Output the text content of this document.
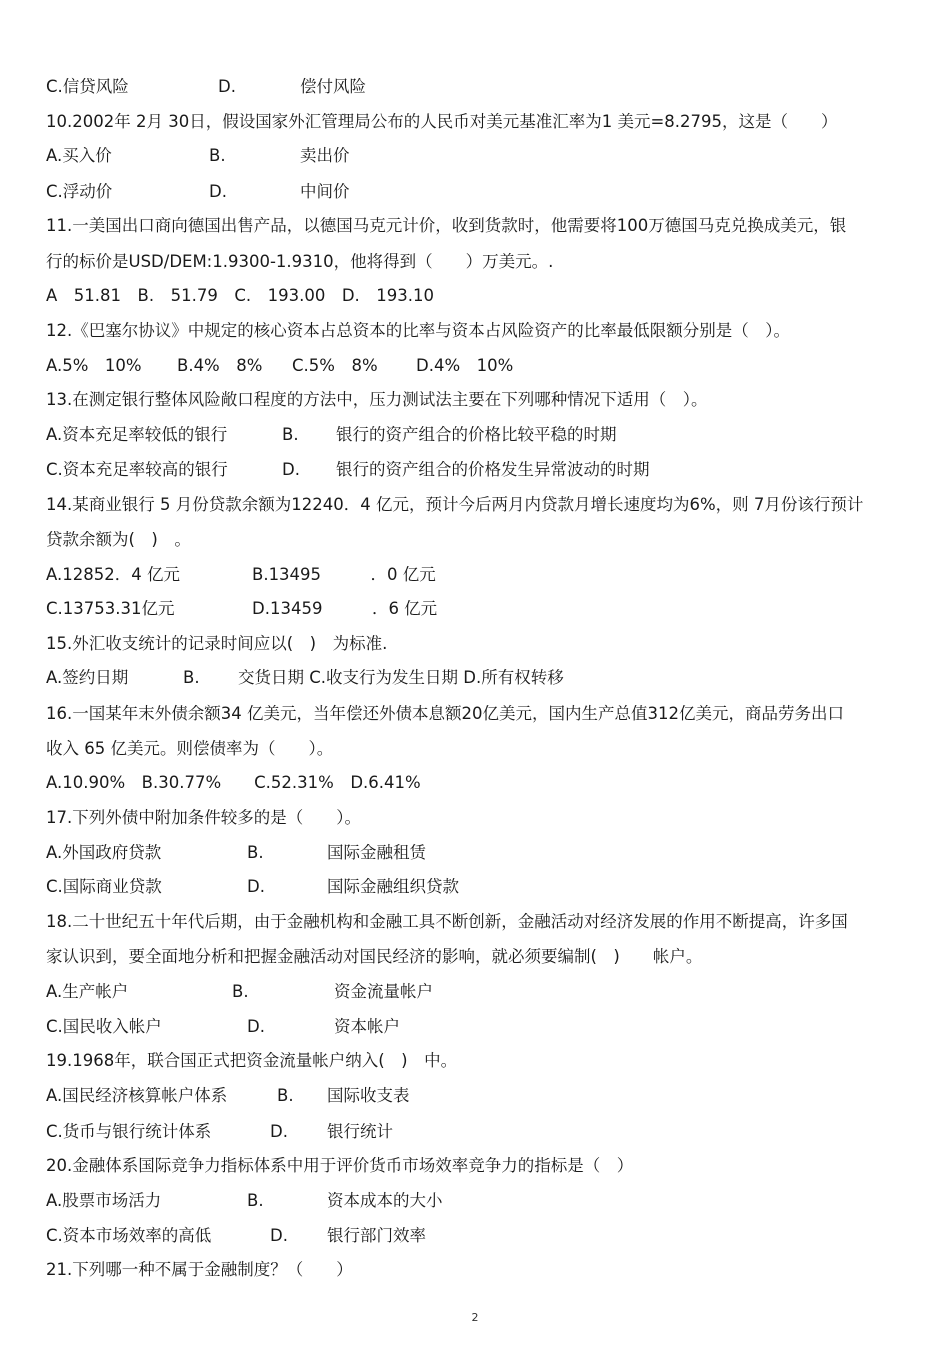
C.信贷风险	D.	偿付风险
10.2002年 2月 30日，假设国家外汇管理局公布的人民币对美元基准汇率为1 美元=8.2795，这是（　　）
A.买入价	B.	卖出价
C.浮动价	D.	中间价
11.一美国出口商向德国出售产品，以德国马克元计价，收到货款时，他需要将100万德国马克兑换成美元，银
行的标价是USD/DEM:1.9300-1.9310，他将得到（　　）万美元。.
A　51.81　B.　51.79　C.　193.00　D.　193.10
12.《巴塞尔协议》中规定的核心资本占总资本的比率与资本占风险资产的比率最低限额分别是（　）。
A.5%　10% B.4%　8% C.5%　8% D.4%　10%
13.在测定银行整体风险敞口程度的方法中，压力测试法主要在下列哪种情况下适用（　）。
A.资本充足率较低的银行	B. 银行的资产组合的价格比较平稳的时期
C.资本充足率较高的银行	D. 银行的资产组合的价格发生异常波动的时期
14.某商业银行 5 月份贷款余额为12240．4 亿元，预计今后两月内贷款月增长速度均为6%，则 7月份该行预计
贷款余额为(　)　。
A.12852．4 亿元	B.13495　　　．0 亿元
C.13753.31亿元	D.13459　　　．6 亿元
15.外汇收支统计的记录时间应以(　)　为标准.
A.签约日期	B. 交货日期 C.收支行为发生日期 D.所有权转移
16.一国某年末外债余额34 亿美元，当年偿还外债本息额20亿美元，国内生产总值312亿美元，商品劳务出口
收入 65 亿美元。则偿债率为（　　）。
A.10.90%　B.30.77%　　C.52.31%　D.6.41%
17.下列外债中附加条件较多的是（　　）。
A.外国政府贷款	B.	国际金融租赁
C.国际商业贷款	D.	国际金融组织贷款
18.二十世纪五十年代后期，由于金融机构和金融工具不断创新，金融活动对经济发展的作用不断提高，许多国
家认识到，要全面地分析和把握金融活动对国民经济的影响，就必须要编制(　)　　帐户。
A.生产帐户	B.	资金流量帐户
C.国民收入帐户	D.	资本帐户
19.1968年，联合国正式把资金流量帐户纳入(　)　中。
A.国民经济核算帐户体系	B. 国际收支表
C.货币与银行统计体系	D. 银行统计
20.金融体系国际竞争力指标体系中用于评价货币市场效率竞争力的指标是（　）
A.股票市场活力	B.	资本成本的大小
C.资本市场效率的高低	D. 银行部门效率
21.下列哪一种不属于金融制度？（　　）
2
